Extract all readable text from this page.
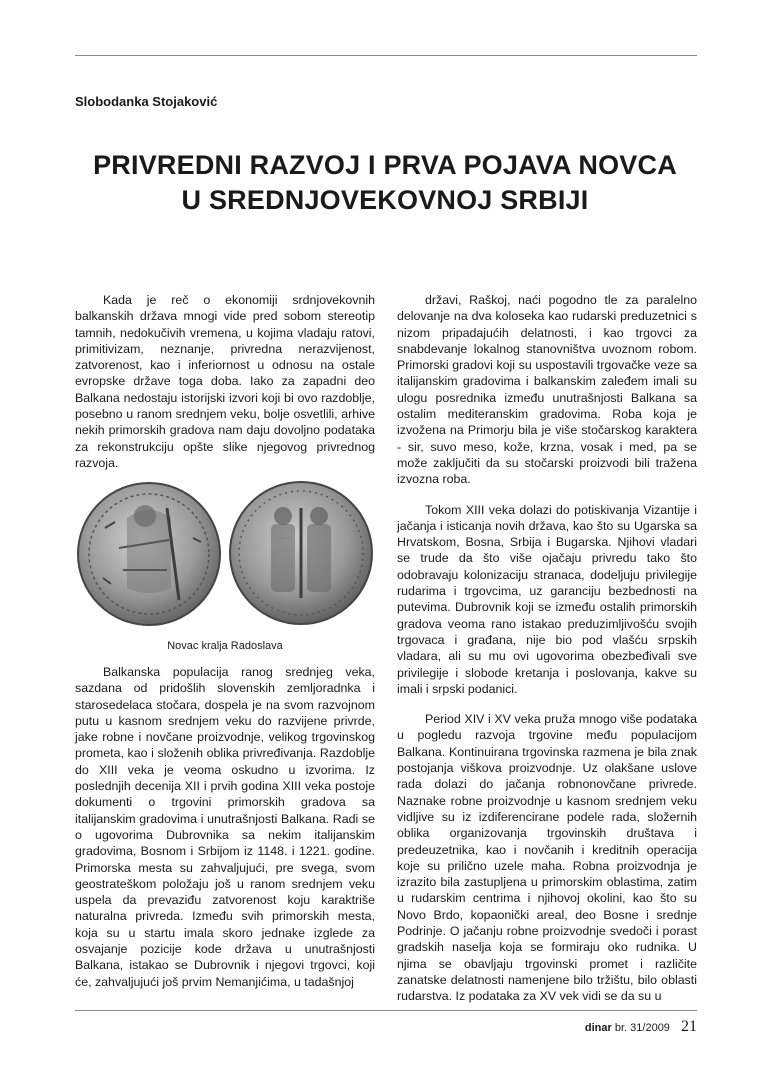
Slobodanka Stojaković
PRIVREDNI RAZVOJ I PRVA POJAVA NOVCA
U SREDNJOVEKOVNOJ SRBIJI

Kada je reč o ekonomiji srdnjovekovnih balkanskih država mnogi vide pred sobom stereotip tamnih, nedokučivih vremena, u kojima vladaju ratovi, primitivizam, neznanje, privredna nerazvijenost, zatvorenost, kao i inferiornost u odnosu na ostale evropske države toga doba. Iako za zapadni deo Balkana nedostaju istorijski izvori koji bi ovo razdoblje, posebno u ranom srednjem veku, bolje osvetlili, arhive nekih primorskih gradova nam daju dovoljno podataka za rekonstrukciju opšte slike njegovog privrednog razvoja.

Novac kralja Radoslava

Balkanska populacija ranog srednjeg veka, sazdana od pridošlih slovenskih zemljoradnka i starosedelaca stočara, dospela je na svom razvojnom putu u kasnom srednjem veku do razvijene privrde, jake robne i novčane proizvodnje, velikog trgovinskog prometa, kao i složenih oblika privređivanja. Razdoblje do XIII veka je veoma oskudno u izvorima. Iz poslednjih decenija XII i prvih godina XIII veka postoje dokumenti o trgovini primorskih gradova sa italijanskim gradovima i unutrašnjosti Balkana. Radi se o ugovorima Dubrovnika sa nekim italijanskim gradovima, Bosnom i Srbijom iz 1148. i 1221. godine. Primorska mesta su zahvaljujući, pre svega, svom geostrateškom položaju još u ranom srednjem veku uspela da prevaziđu zatvorenost koju karaktriše naturalna privreda. Između svih primorskih mesta, koja su u startu imala skoro jednake izglede za osvajanje pozicije kode država u unutrašnjosti Balkana, istakao se Dubrovnik i njegovi trgovci, koji će, zahvaljujući još prvim Nemanjićima, u tadašnjoj

državi, Raškoj, naći pogodno tle za paralelno delovanje na dva koloseka kao rudarski preduzetnici s nizom pripadajućih delatnosti, i kao trgovci za snabdevanje lokalnog stanovništva uvoznom robom. Primorski gradovi koji su uspostavili trgovačke veze sa italijanskim gradovima i balkanskim zaleđem imali su ulogu posrednika između unutrašnjosti Balkana sa ostalim mediteranskim gradovima. Roba koja je izvožena na Primorju bila je više stočarskog karaktera - sir, suvo meso, kože, krzna, vosak i med, pa se može zaključiti da su stočarski proizvodi bili tražena izvozna roba.

Tokom XIII veka dolazi do potiskivanja Vizantije i jačanja i isticanja novih država, kao što su Ugarska sa Hrvatskom, Bosna, Srbija i Bugarska. Njihovi vladari se trude da što više ojačaju privredu tako što odobravaju kolonizaciju stranaca, dodeljuju privilegije rudarima i trgovcima, uz garanciju bezbednosti na putevima. Dubrovnik koji se između ostalih primorskih gradova veoma rano istakao preduzimljivošću svojih trgovaca i građana, nije bio pod vlašću srpskih vladara, ali su mu ovi ugovorima obezbeđivali sve privilegije i slobode kretanja i poslovanja, kakve su imali i srpski podanici.

Period XIV i XV veka pruža mnogo više podataka u pogledu razvoja trgovine među populacijom Balkana. Kontinuirana trgovinska razmena je bila znak postojanja viškova proizvodnje. Uz olakšane uslove rada dolazi do jačanja robnonovčane privrede. Naznake robne proizvodnje u kasnom srednjem veku vidljive su iz izdiferencirane podele rada, složernih oblika organizovanja trgovinskih društava i predeuzetnika, kao i novčanih i kreditnih operacija koje su prilično uzele maha. Robna proizvodnja je izrazito bila zastupljena u primorskim oblastima, zatim u rudarskim centrima i njihovoj okolini, kao što su Novo Brdo, kopaonički areal, deo Bosne i srednje Podrinje. O jačanju robne proizvodnje svedoči i porast gradskih naselja koja se formiraju oko rudnika. U njima se obavljaju trgovinski promet i različite zanatske delatnosti namenjene bilo tržištu, bilo oblasti rudarstva. Iz podataka za XV vek vidi se da su u

dinar br. 31/2009 21
